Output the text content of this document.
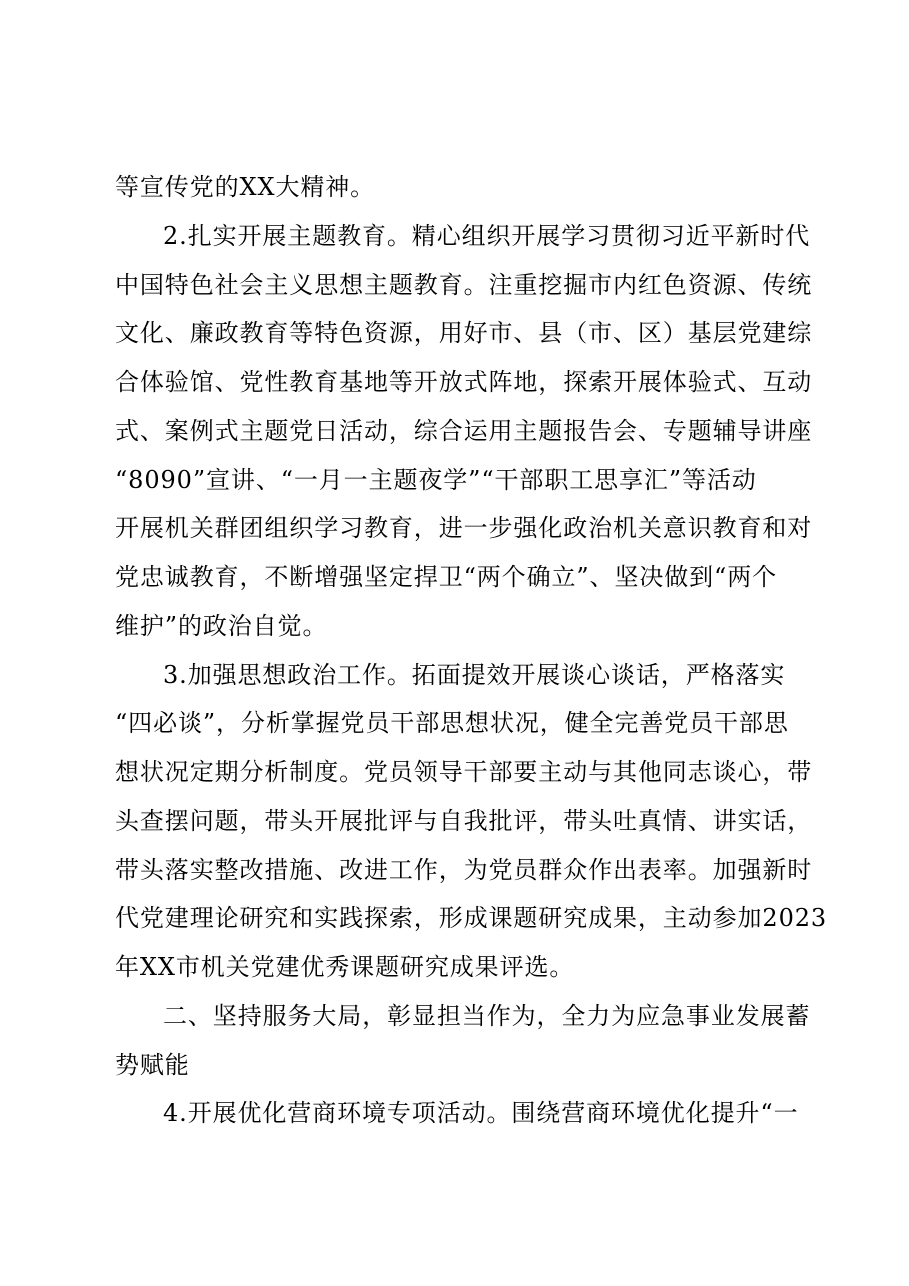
等宣传党的XX大精神。
2.扎实开展主题教育。精心组织开展学习贯彻习近平新时代
中国特色社会主义思想主题教育。注重挖掘市内红色资源、传统
文化、廉政教育等特色资源，用好市、县（市、区）基层党建综
合体验馆、党性教育基地等开放式阵地，探索开展体验式、互动
式、案例式主题党日活动，综合运用主题报告会、专题辅导讲座
“8090”宣讲、“一月一主题夜学”“干部职工思享汇”等活动
开展机关群团组织学习教育，进一步强化政治机关意识教育和对
党忠诚教育，不断增强坚定捍卫“两个确立”、坚决做到“两个
维护”的政治自觉。
3.加强思想政治工作。拓面提效开展谈心谈话，严格落实
“四必谈”，分析掌握党员干部思想状况，健全完善党员干部思
想状况定期分析制度。党员领导干部要主动与其他同志谈心，带
头查摆问题，带头开展批评与自我批评，带头吐真情、讲实话，
带头落实整改措施、改进工作，为党员群众作出表率。加强新时
代党建理论研究和实践探索，形成课题研究成果，主动参加2023
年XX市机关党建优秀课题研究成果评选。
二、坚持服务大局，彰显担当作为，全力为应急事业发展蓄
势赋能
4.开展优化营商环境专项活动。围绕营商环境优化提升“一
